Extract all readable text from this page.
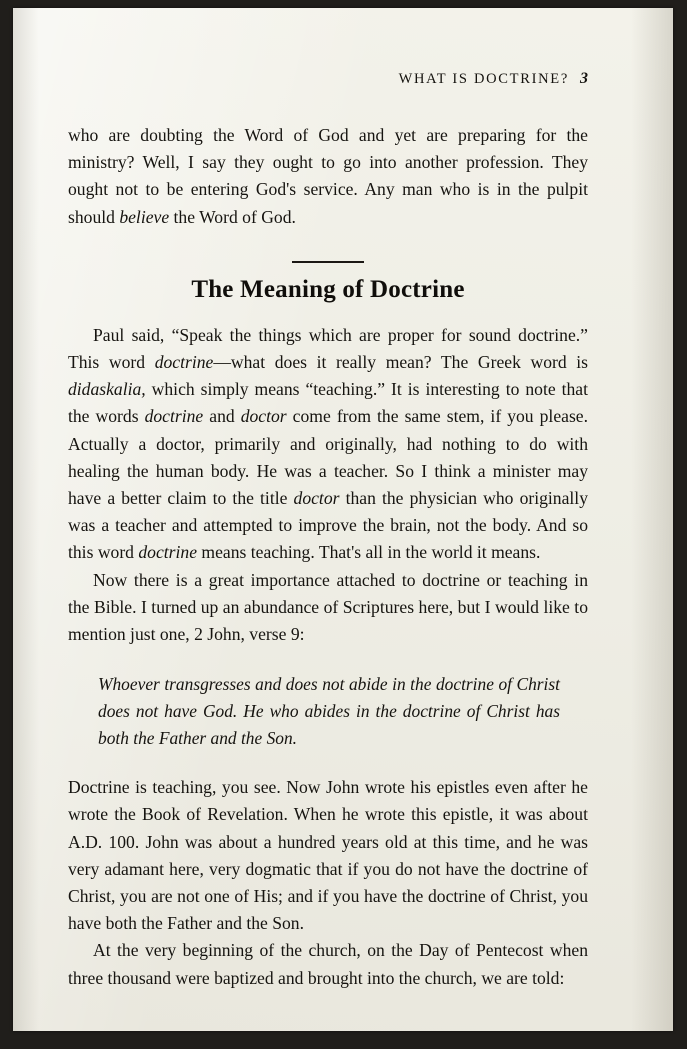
WHAT IS DOCTRINE? 3

who are doubting the Word of God and yet are preparing for the ministry? Well, I say they ought to go into another profession. They ought not to be entering God's service. Any man who is in the pulpit should believe the Word of God.

The Meaning of Doctrine

Paul said, “Speak the things which are proper for sound doctrine.” This word doctrine—what does it really mean? The Greek word is didaskalia, which simply means “teaching.” It is interesting to note that the words doctrine and doctor come from the same stem, if you please. Actually a doctor, primarily and originally, had nothing to do with healing the human body. He was a teacher. So I think a minister may have a better claim to the title doctor than the physician who originally was a teacher and attempted to improve the brain, not the body. And so this word doctrine means teaching. That's all in the world it means.

Now there is a great importance attached to doctrine or teaching in the Bible. I turned up an abundance of Scriptures here, but I would like to mention just one, 2 John, verse 9:

Whoever transgresses and does not abide in the doctrine of Christ does not have God. He who abides in the doctrine of Christ has both the Father and the Son.

Doctrine is teaching, you see. Now John wrote his epistles even after he wrote the Book of Revelation. When he wrote this epistle, it was about A.D. 100. John was about a hundred years old at this time, and he was very adamant here, very dogmatic that if you do not have the doctrine of Christ, you are not one of His; and if you have the doctrine of Christ, you have both the Father and the Son.

At the very beginning of the church, on the Day of Pentecost when three thousand were baptized and brought into the church, we are told:
